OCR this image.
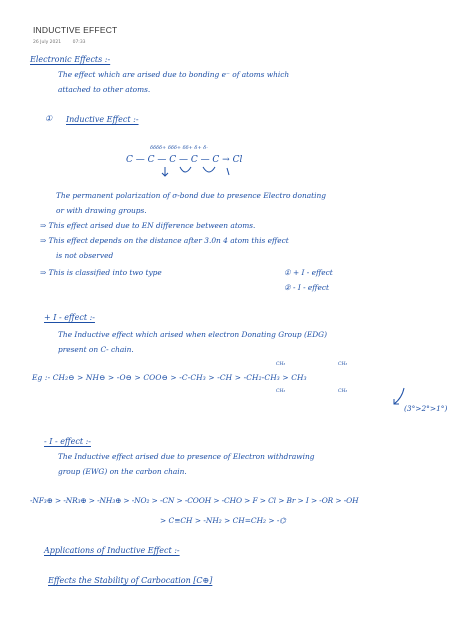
INDUCTIVE EFFECT
26 July 2021	07:33
Electronic Effects :-
The effect which are arised due to bonding e⁻ of atoms which
attached to other atoms.
① Inductive Effect :-
δδδδ+ δδδ+ δδ+ δ+ δ-
C — C — C — C — C → Cl
The permanent polarization of σ-bond due to presence Electro donating
or with drawing groups.
⇒ This effect arised due to EN difference between atoms.
⇒ This effect depends on the distance after 3.0n 4 atom this effect
is not observed
⇒ This is classified into two type	① + I - effect
② - I - effect
+ I - effect :-
The Inductive effect which arised when electron Donating Group (EDG)
present on C- chain.
CH₃	CH₃
Eg :- CH₂⊖ > NH⊖ > -O⊖ > COO⊖ > -C-CH₃ > -CH > -CH₂-CH₃ > CH₃
CH₃	CH₃
(3°>2°>1°)
- I - effect :-
The Inductive effect arised due to presence of Electron withdrawing
group (EWG) on the carbon chain.
-NF₃⊕ > -NR₃⊕ > -NH₃⊕ > -NO₂ > -CN > -COOH > -CHO > F > Cl > Br > I > -OR > -OH
> C≡CH > -NH₂ > CH=CH₂ > -⌬
Applications of Inductive Effect :-
Effects the Stability of Carbocation [C⊕]
